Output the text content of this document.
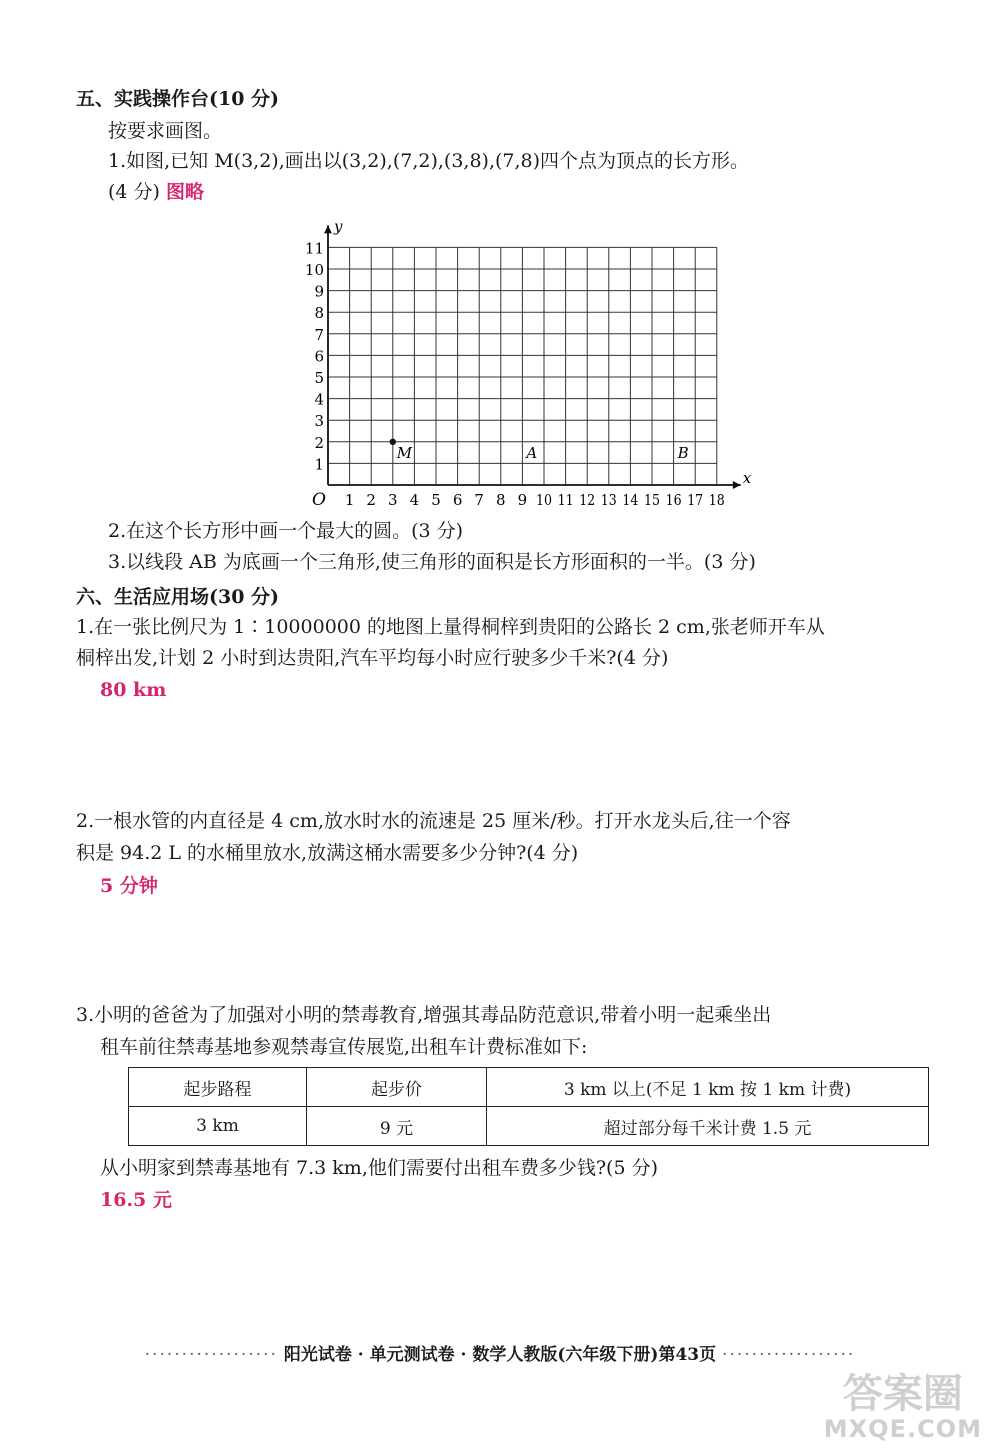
五、实践操作台(10 分)
按要求画图。
1.如图,已知 M(3,2),画出以(3,2),(7,2),(3,8),(7,8)四个点为顶点的长方形。
(4 分) 图略
x
y
O 1 2 3 4 5 6 7 8 9 10 11 12 13 14 15 16 17 18
1
2
3
4
5
6
7
8
9
10
11
M	A	B
2.在这个长方形中画一个最大的圆。(3 分)
3.以线段 AB 为底画一个三角形,使三角形的面积是长方形面积的一半。(3 分)
六、生活应用场(30 分)
1.在一张比例尺为 1∶10000000 的地图上量得桐梓到贵阳的公路长 2 cm,张老师开车从
桐梓出发,计划 2 小时到达贵阳,汽车平均每小时应行驶多少千米?(4 分)
80 km
2.一根水管的内直径是 4 cm,放水时水的流速是 25 厘米/秒。打开水龙头后,往一个容
积是 94.2 L 的水桶里放水,放满这桶水需要多少分钟?(4 分)
5 分钟
3.小明的爸爸为了加强对小明的禁毒教育,增强其毒品防范意识,带着小明一起乘坐出
租车前往禁毒基地参观禁毒宣传展览,出租车计费标准如下:
起步路程	起步价	3 km 以上(不足 1 km 按 1 km 计费)
3 km	9 元	超过部分每千米计费 1.5 元
从小明家到禁毒基地有 7.3 km,他们需要付出租车费多少钱?(5 分)
16.5 元
·················· 阳光试卷 · 单元测试卷 · 数学人教版(六年级下册)第43页 ··················
答案圈
MXQE.COM
